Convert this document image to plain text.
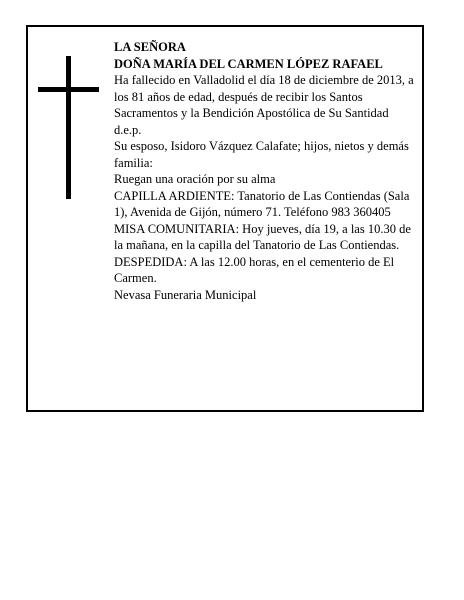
LA SEÑORA

DOÑA MARÍA DEL CARMEN LÓPEZ RAFAEL

Ha fallecido en Valladolid el día 18 de diciembre de 2013, a los 81 años de edad, después de recibir los Santos Sacramentos y la Bendición Apostólica de Su Santidad

d.e.p.

Su esposo, Isidoro Vázquez Calafate; hijos, nietos y demás familia:

Ruegan una oración por su alma

CAPILLA ARDIENTE: Tanatorio de Las Contiendas (Sala 1), Avenida de Gijón, número 71. Teléfono 983 360405

MISA COMUNITARIA: Hoy jueves, día 19, a las 10.30 de la mañana, en la capilla del Tanatorio de Las Contiendas.

DESPEDIDA: A las 12.00 horas, en el cementerio de El Carmen.

Nevasa Funeraria Municipal
